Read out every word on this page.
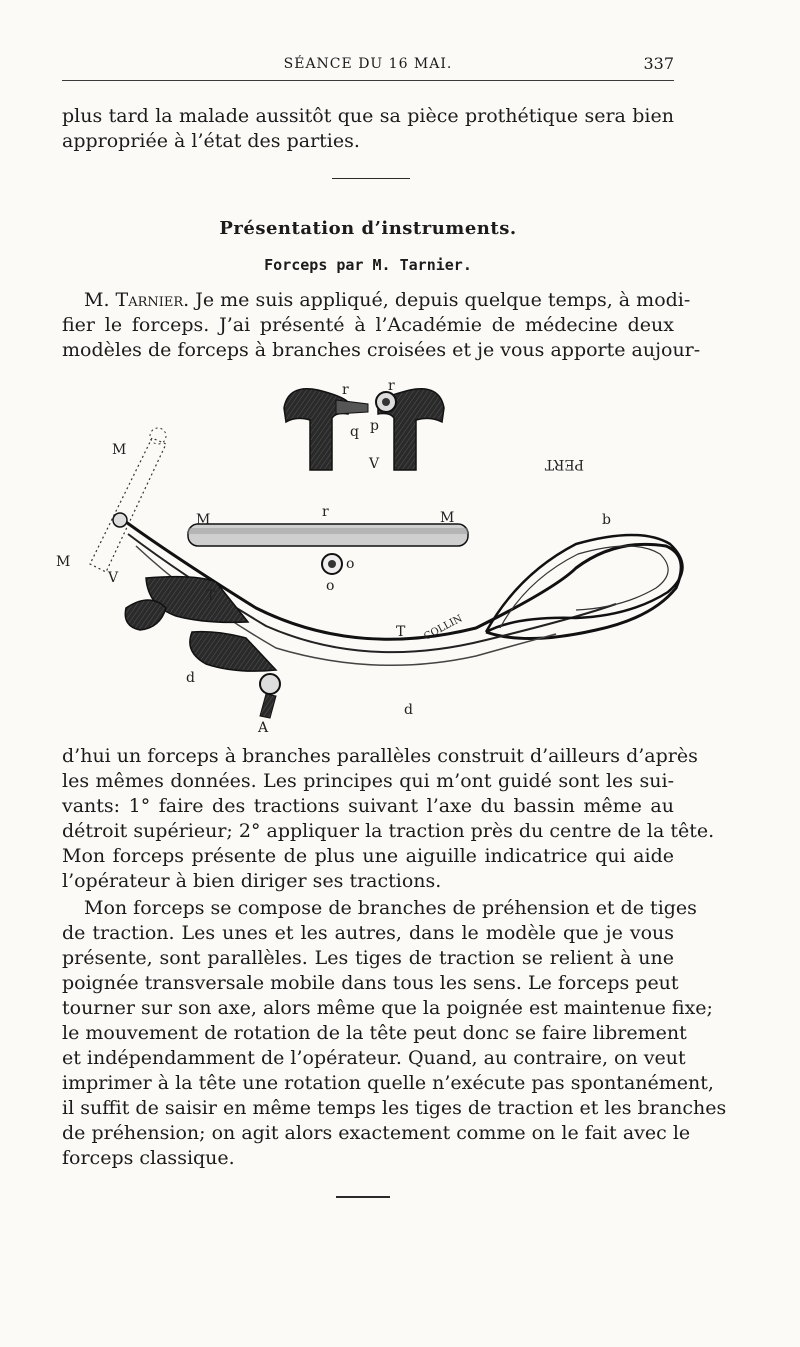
SÉANCE DU 16 MAI.	337
plus tard la malade aussitôt que sa pièce prothétique sera bien
appropriée à l’état des parties.
Présentation d’instruments.
Forceps par M. Tarnier.
M. Tarnier. Je me suis appliqué, depuis quelque temps, à modi-
fier le forceps. J’ai présenté à l’Académie de médecine deux
modèles de forceps à branches croisées et je vous apporte aujour-
r	r
q p
V	PERT
M	M
r
o
o
M
M
V
T
d
d
A
T
b
COLLIN
d’hui un forceps à branches parallèles construit d’ailleurs d’après
les mêmes données. Les principes qui m’ont guidé sont les sui-
vants: 1° faire des tractions suivant l’axe du bassin même au
détroit supérieur; 2° appliquer la traction près du centre de la tête.
Mon forceps présente de plus une aiguille indicatrice qui aide
l’opérateur à bien diriger ses tractions.
Mon forceps se compose de branches de préhension et de tiges
de traction. Les unes et les autres, dans le modèle que je vous
présente, sont parallèles. Les tiges de traction se relient à une
poignée transversale mobile dans tous les sens. Le forceps peut
tourner sur son axe, alors même que la poignée est maintenue fixe;
le mouvement de rotation de la tête peut donc se faire librement
et indépendamment de l’opérateur. Quand, au contraire, on veut
imprimer à la tête une rotation quelle n’exécute pas spontanément,
il suffit de saisir en même temps les tiges de traction et les branches
de préhension; on agit alors exactement comme on le fait avec le
forceps classique.
